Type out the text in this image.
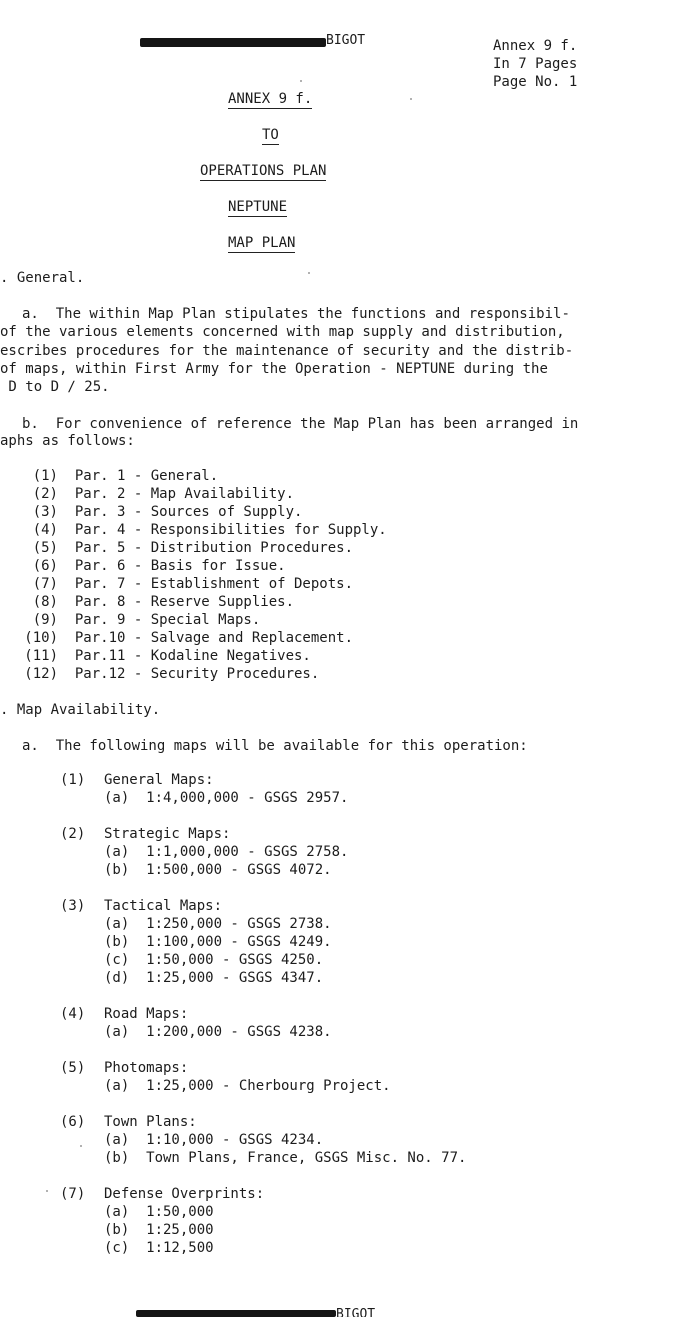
BIGOT	Annex 9 f.
In 7 Pages
Page No. 1
ANNEX 9 f.
TO
OPERATIONS PLAN
NEPTUNE
MAP PLAN
. General.
a.  The within Map Plan stipulates the functions and responsibil-
of the various elements concerned with map supply and distribution,
escribes procedures for the maintenance of security and the distrib-
of maps, within First Army for the Operation - NEPTUNE during the
D to D ∕ 25.
b.  For convenience of reference the Map Plan has been arranged in
aphs as follows:
(1) Par. 1 - General.
(2) Par. 2 - Map Availability.
(3) Par. 3 - Sources of Supply.
(4) Par. 4 - Responsibilities for Supply.
(5) Par. 5 - Distribution Procedures.
(6) Par. 6 - Basis for Issue.
(7) Par. 7 - Establishment of Depots.
(8) Par. 8 - Reserve Supplies.
(9) Par. 9 - Special Maps.
(10) Par.10 - Salvage and Replacement.
(11) Par.11 - Kodaline Negatives.
(12) Par.12 - Security Procedures.
. Map Availability.
a.  The following maps will be available for this operation:
(1) General Maps:
(a)  1:4,000,000 - GSGS 2957.
(2) Strategic Maps:
(a)  1:1,000,000 - GSGS 2758.
(b)  1:500,000 - GSGS 4072.
(3) Tactical Maps:
(a)  1:250,000 - GSGS 2738.
(b)  1:100,000 - GSGS 4249.
(c)  1:50,000 - GSGS 4250.
(d)  1:25,000 - GSGS 4347.
(4) Road Maps:
(a)  1:200,000 - GSGS 4238.
(5) Photomaps:
(a)  1:25,000 - Cherbourg Project.
(6) Town Plans:
(a)  1:10,000 - GSGS 4234.
(b)  Town Plans, France, GSGS Misc. No. 77.
(7) Defense Overprints:
(a)  1:50,000
(b)  1:25,000
(c)  1:12,500
BIGOT
